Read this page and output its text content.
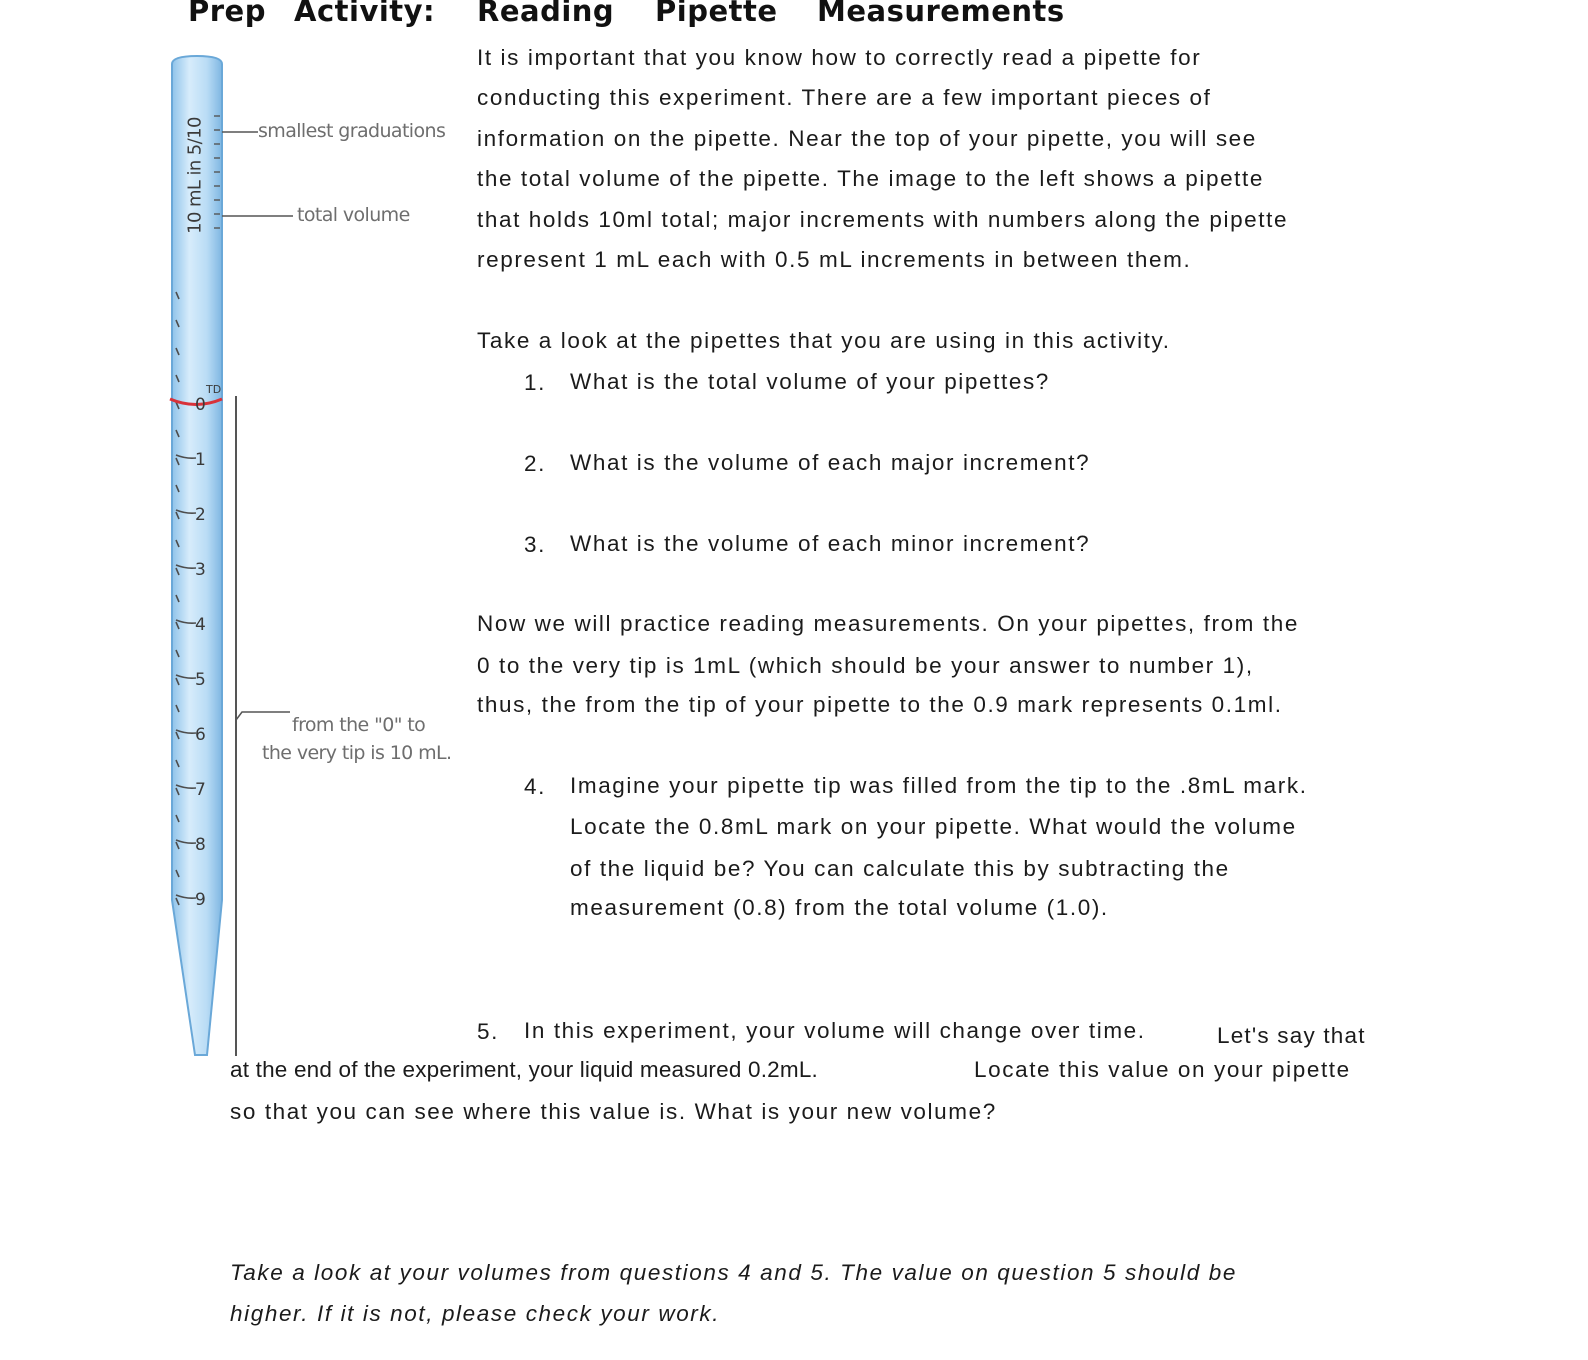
Prep Activity: Reading Pipette Measurements
10 mL in 5/10	smallest graduations
total volume
from the "0" to
the very tip is 10 mL.
TD
0
1
2
3
4
5
6
7
8
9
It is important that you know how to correctly read a pipette for
conducting this experiment. There are a few important pieces of
information on the pipette. Near the top of your pipette, you will see
the total volume of the pipette. The image to the left shows a pipette
that holds 10ml total; major increments with numbers along the pipette
represent 1 mL each with 0.5 mL increments in between them.
Take a look at the pipettes that you are using in this activity.
1. What is the total volume of your pipettes?
2. What is the volume of each major increment?
3. What is the volume of each minor increment?
Now we will practice reading measurements. On your pipettes, from the
0 to the very tip is 1mL (which should be your answer to number 1),
thus, the from the tip of your pipette to the 0.9 mark represents 0.1ml.
4. Imagine your pipette tip was filled from the tip to the .8mL mark.
Locate the 0.8mL mark on your pipette. What would the volume
of the liquid be? You can calculate this by subtracting the
measurement (0.8) from the total volume (1.0).
5. In this experiment, your volume will change over time.	Let's say that
at the end of the experiment, your liquid measured 0.2mL.	Locate this value on your pipette
so that you can see where this value is. What is your new volume?
Take a look at your volumes from questions 4 and 5. The value on question 5 should be
higher. If it is not, please check your work.
